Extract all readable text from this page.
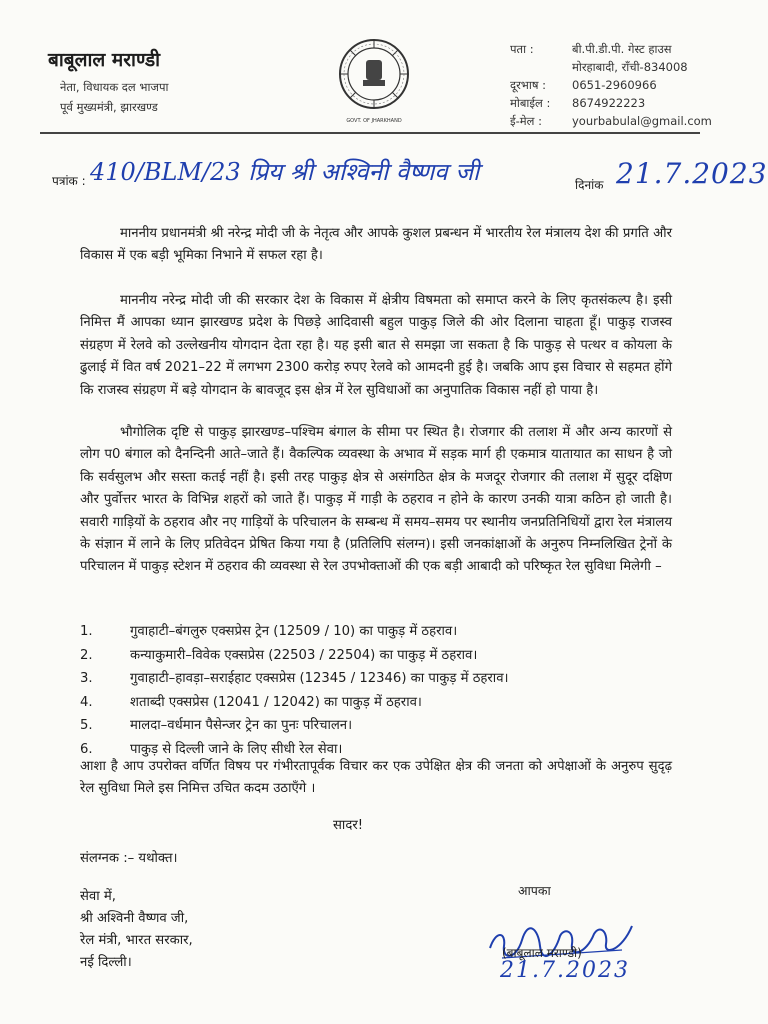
बाबूलाल मराण्डी
नेता, विधायक दल भाजपा
पूर्व मुख्यमंत्री, झारखण्ड
GOVT. OF JHARKHAND
पता :	बी.पी.डी.पी. गेस्ट हाउस
मोरहाबादी, राँची-834008
दूरभाष : 0651-2960966
मोबाईल : 8674922223
ई-मेल :	yourbabulal@gmail.com
पत्रांक : 410/BLM/23 प्रिय श्री अश्विनी वैष्णव जी	दिनांक 21.7.2023
माननीय प्रधानमंत्री श्री नरेन्द्र मोदी जी के नेतृत्व और आपके कुशल प्रबन्धन में भारतीय रेल मंत्रालय देश की प्रगति और विकास में एक बड़ी भूमिका निभाने में सफल रहा है।
माननीय नरेन्द्र मोदी जी की सरकार देश के विकास में क्षेत्रीय विषमता को समाप्त करने के लिए कृतसंकल्प है। इसी निमित्त मैं आपका ध्यान झारखण्ड प्रदेश के पिछड़े आदिवासी बहुल पाकुड़ जिले की ओर दिलाना चाहता हूँ। पाकुड़ राजस्व संग्रहण में रेलवे को उल्लेखनीय योगदान देता रहा है। यह इसी बात से समझा जा सकता है कि पाकुड़ से पत्थर व कोयला के ढुलाई में वित वर्ष 2021–22 में लगभग 2300 करोड़ रुपए रेलवे को आमदनी हुई है। जबकि आप इस विचार से सहमत होंगे कि राजस्व संग्रहण में बड़े योगदान के बावजूद इस क्षेत्र में रेल सुविधाओं का अनुपातिक विकास नहीं हो पाया है।
भौगोलिक दृष्टि से पाकुड़ झारखण्ड–पश्चिम बंगाल के सीमा पर स्थित है। रोजगार की तलाश में और अन्य कारणों से लोग प0 बंगाल को दैनन्दिनी आते–जाते हैं। वैकल्पिक व्यवस्था के अभाव में सड़क मार्ग ही एकमात्र यातायात का साधन है जो कि सर्वसुलभ और सस्ता कतई नहीं है। इसी तरह पाकुड़ क्षेत्र से असंगठित क्षेत्र के मजदूर रोजगार की तलाश में सुदूर दक्षिण और पुर्वोत्तर भारत के विभिन्न शहरों को जाते हैं। पाकुड़ में गाड़ी के ठहराव न होने के कारण उनकी यात्रा कठिन हो जाती है। सवारी गाड़ियों के ठहराव और नए गाड़ियों के परिचालन के सम्बन्ध में समय–समय पर स्थानीय जनप्रतिनिधियों द्वारा रेल मंत्रालय के संज्ञान में लाने के लिए प्रतिवेदन प्रेषित किया गया है (प्रतिलिपि संलग्न)। इसी जनकांक्षाओं के अनुरुप निम्नलिखित ट्रेनों के परिचालन में पाकुड़ स्टेशन में ठहराव की व्यवस्था से रेल उपभोक्ताओं की एक बड़ी आबादी को परिष्कृत रेल सुविधा मिलेगी –
1.	गुवाहाटी–बंगलुरु एक्सप्रेस ट्रेन (12509 / 10) का पाकुड़ में ठहराव।
2.	कन्याकुमारी–विवेक एक्सप्रेस (22503 / 22504) का पाकुड़ में ठहराव।
3.	गुवाहाटी–हावड़ा–सराईहाट एक्सप्रेस (12345 / 12346) का पाकुड़ में ठहराव।
4.	शताब्दी एक्सप्रेस (12041 / 12042) का पाकुड़ में ठहराव।
5.	मालदा–वर्धमान पैसेन्जर ट्रेन का पुनः परिचालन।
6.	पाकुड़ से दिल्ली जाने के लिए सीधी रेल सेवा।
आशा है आप उपरोक्त वर्णित विषय पर गंभीरतापूर्वक विचार कर एक उपेक्षित क्षेत्र की जनता को अपेक्षाओं के अनुरुप सुदृढ़ रेल सुविधा मिले इस निमित्त उचित कदम उठाएँगे ।
सादर!
संलग्नक :– यथोक्त।
सेवा में,
श्री अश्विनी वैष्णव जी,
रेल मंत्री, भारत सरकार,
नई दिल्ली।
आपका
(बाबूलाल मराण्डी)
21.7.2023
